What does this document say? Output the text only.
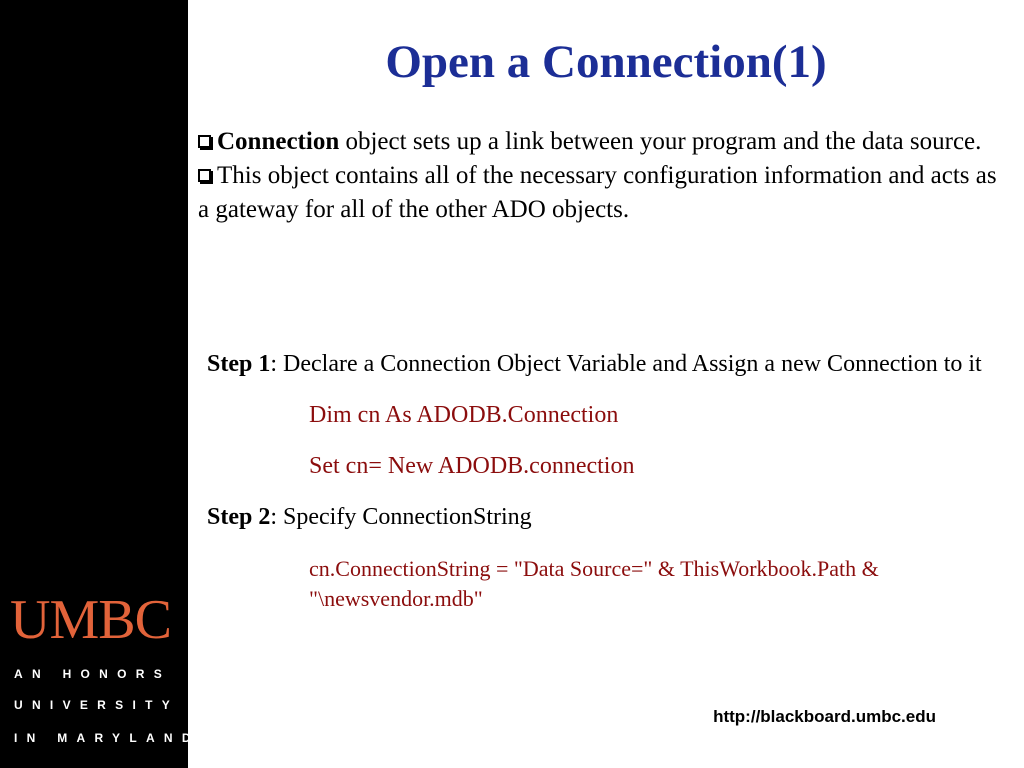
UMBC
AN HONORS
UNIVERSITY
IN MARYLAND
Open a Connection(1)

Connection object sets up a link between your program and the data source.

This object contains all of the necessary configuration information and acts as a gateway for all of the other ADO objects.

Step 1: Declare a Connection Object Variable and Assign a new Connection to it

Dim cn As ADODB.Connection

Set cn= New ADODB.connection

Step 2: Specify ConnectionString

cn.ConnectionString = "Data Source=" & ThisWorkbook.Path & "\newsvendor.mdb"

http://blackboard.umbc.edu
